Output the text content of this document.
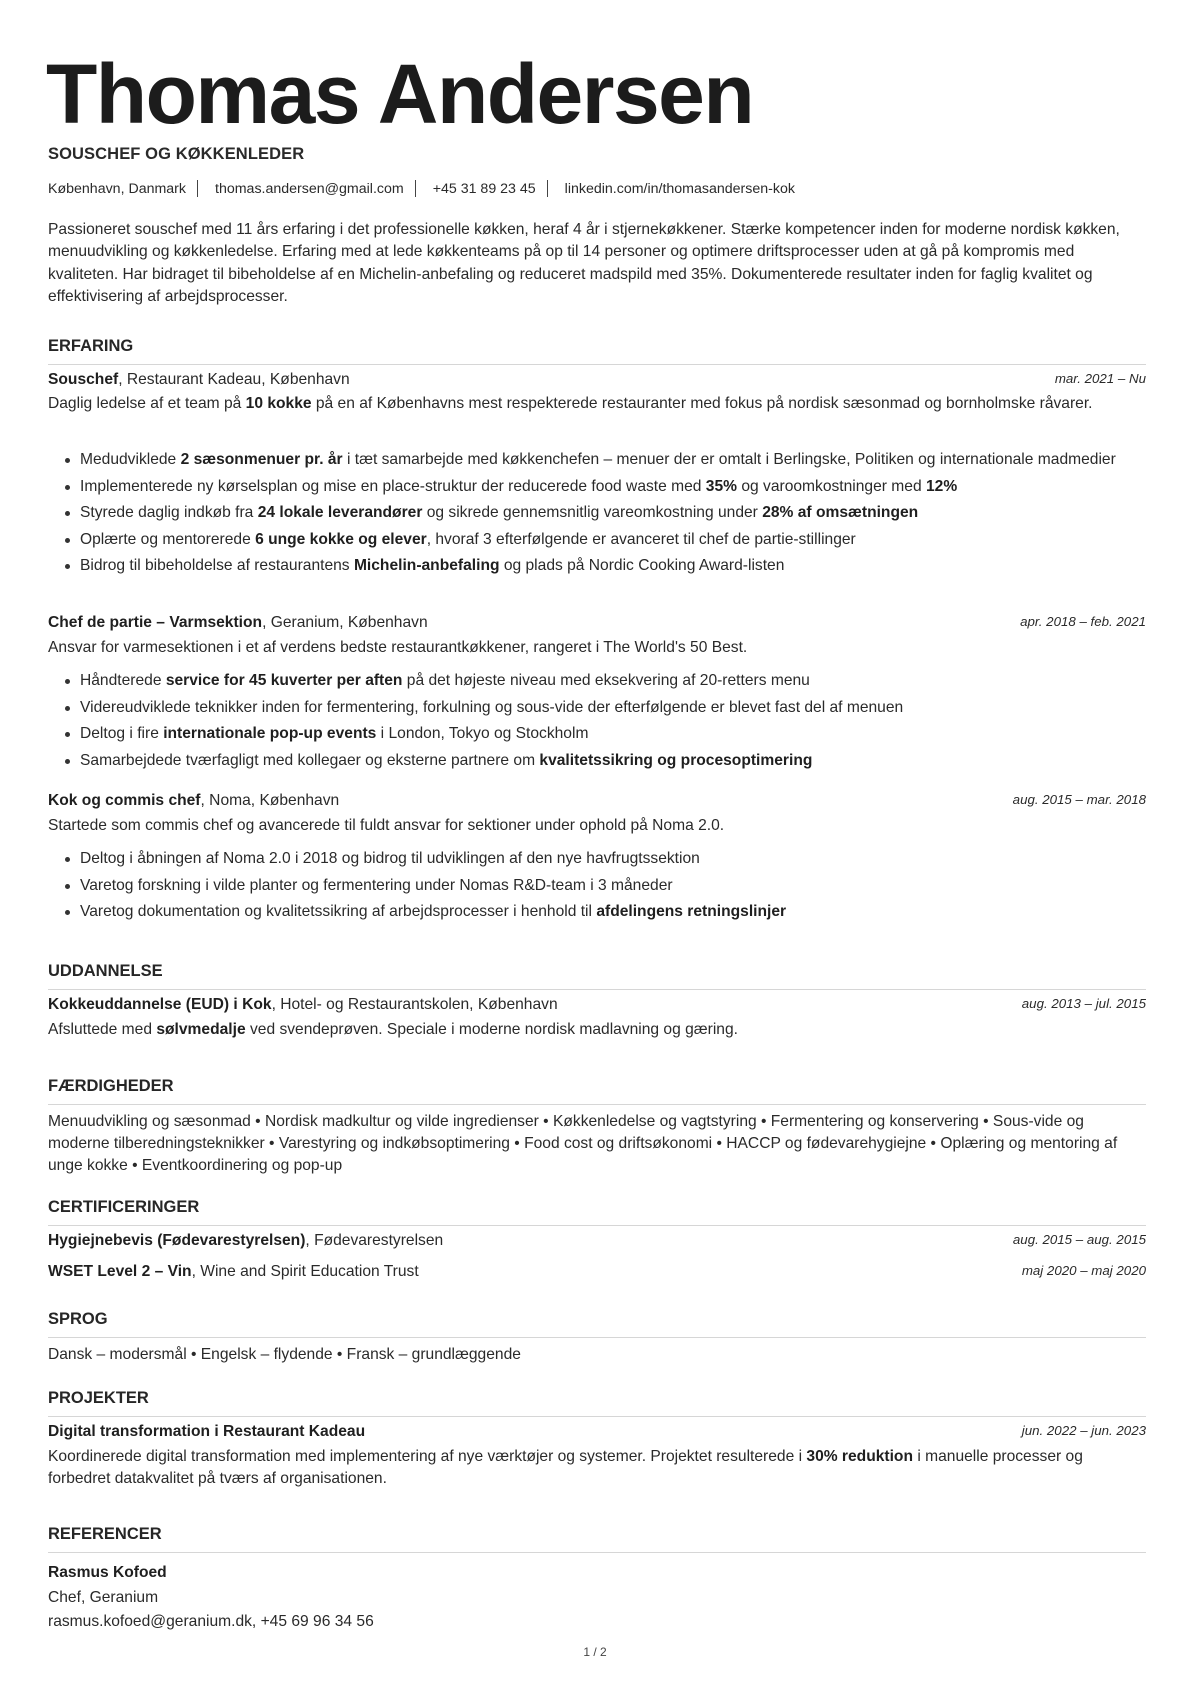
Thomas Andersen
SOUSCHEF OG KØKKENLEDER
København, Danmark thomas.andersen@gmail.com +45 31 89 23 45 linkedin.com/in/thomasandersen-kok
Passioneret souschef med 11 års erfaring i det professionelle køkken, heraf 4 år i stjernekøkkener. Stærke kompetencer inden for moderne nordisk køkken, menuudvikling og køkkenledelse. Erfaring med at lede køkkenteams på op til 14 personer og optimere driftsprocesser uden at gå på kompromis med kvaliteten. Har bidraget til bibeholdelse af en Michelin-anbefaling og reduceret madspild med 35%. Dokumenterede resultater inden for faglig kvalitet og effektivisering af arbejdsprocesser.
ERFARING
Souschef, Restaurant Kadeau, København	mar. 2021 – Nu
Daglig ledelse af et team på 10 kokke på en af Københavns mest respekterede restauranter med fokus på nordisk sæsonmad og bornholmske råvarer.
Medudviklede 2 sæsonmenuer pr. år i tæt samarbejde med køkkenchefen – menuer der er omtalt i Berlingske, Politiken og internationale madmedier
Implementerede ny kørselsplan og mise en place-struktur der reducerede food waste med 35% og varoomkostninger med 12%
Styrede daglig indkøb fra 24 lokale leverandører og sikrede gennemsnitlig vareomkostning under 28% af omsætningen
Oplærte og mentorerede 6 unge kokke og elever, hvoraf 3 efterfølgende er avanceret til chef de partie-stillinger
Bidrog til bibeholdelse af restaurantens Michelin-anbefaling og plads på Nordic Cooking Award-listen
Chef de partie – Varmsektion, Geranium, København	apr. 2018 – feb. 2021
Ansvar for varmesektionen i et af verdens bedste restaurantkøkkener, rangeret i The World's 50 Best.
Håndterede service for 45 kuverter per aften på det højeste niveau med eksekvering af 20-retters menu
Videreudviklede teknikker inden for fermentering, forkulning og sous-vide der efterfølgende er blevet fast del af menuen
Deltog i fire internationale pop-up events i London, Tokyo og Stockholm
Samarbejdede tværfagligt med kollegaer og eksterne partnere om kvalitetssikring og procesoptimering
Kok og commis chef, Noma, København	aug. 2015 – mar. 2018
Startede som commis chef og avancerede til fuldt ansvar for sektioner under ophold på Noma 2.0.
Deltog i åbningen af Noma 2.0 i 2018 og bidrog til udviklingen af den nye havfrugtssektion
Varetog forskning i vilde planter og fermentering under Nomas R&D-team i 3 måneder
Varetog dokumentation og kvalitetssikring af arbejdsprocesser i henhold til afdelingens retningslinjer
UDDANNELSE
Kokkeuddannelse (EUD) i Kok, Hotel- og Restaurantskolen, København	aug. 2013 – jul. 2015
Afsluttede med sølvmedalje ved svendeprøven. Speciale i moderne nordisk madlavning og gæring.
FÆRDIGHEDER
Menuudvikling og sæsonmad • Nordisk madkultur og vilde ingredienser • Køkkenledelse og vagtstyring • Fermentering og konservering • Sous-vide og moderne tilberedningsteknikker • Varestyring og indkøbsoptimering • Food cost og driftsøkonomi • HACCP og fødevarehygiejne • Oplæring og mentoring af unge kokke • Eventkoordinering og pop-up
CERTIFICERINGER
Hygiejnebevis (Fødevarestyrelsen), Fødevarestyrelsen	aug. 2015 – aug. 2015
WSET Level 2 – Vin, Wine and Spirit Education Trust	maj 2020 – maj 2020
SPROG
Dansk – modersmål • Engelsk – flydende • Fransk – grundlæggende
PROJEKTER
Digital transformation i Restaurant Kadeau	jun. 2022 – jun. 2023
Koordinerede digital transformation med implementering af nye værktøjer og systemer. Projektet resulterede i 30% reduktion i manuelle processer og forbedret datakvalitet på tværs af organisationen.
REFERENCER
Rasmus Kofoed
Chef, Geranium
rasmus.kofoed@geranium.dk, +45 69 96 34 56
1 / 2
